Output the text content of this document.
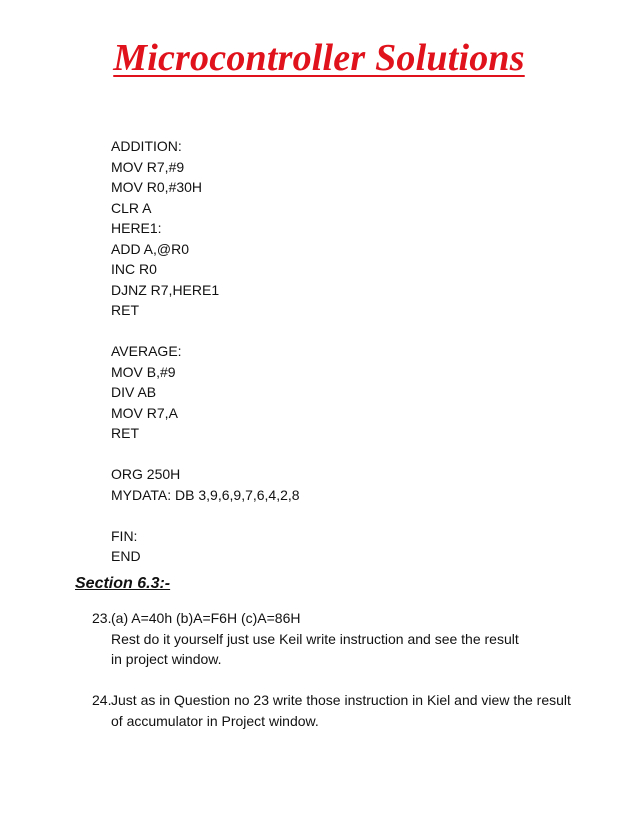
Microcontroller Solutions
ADDITION:
MOV R7,#9
MOV R0,#30H
CLR A
HERE1:
ADD A,@R0
INC R0
DJNZ R7,HERE1
RET
AVERAGE:
MOV B,#9
DIV AB
MOV R7,A
RET
ORG 250H
MYDATA: DB 3,9,6,9,7,6,4,2,8
FIN:
END
Section 6.3:-
23.(a) A=40h (b)A=F6H (c)A=86H
Rest do it yourself just use Keil write instruction and see the result
in project window.
24.Just as in Question no 23 write those instruction in Kiel and view the result
of accumulator in Project window.
